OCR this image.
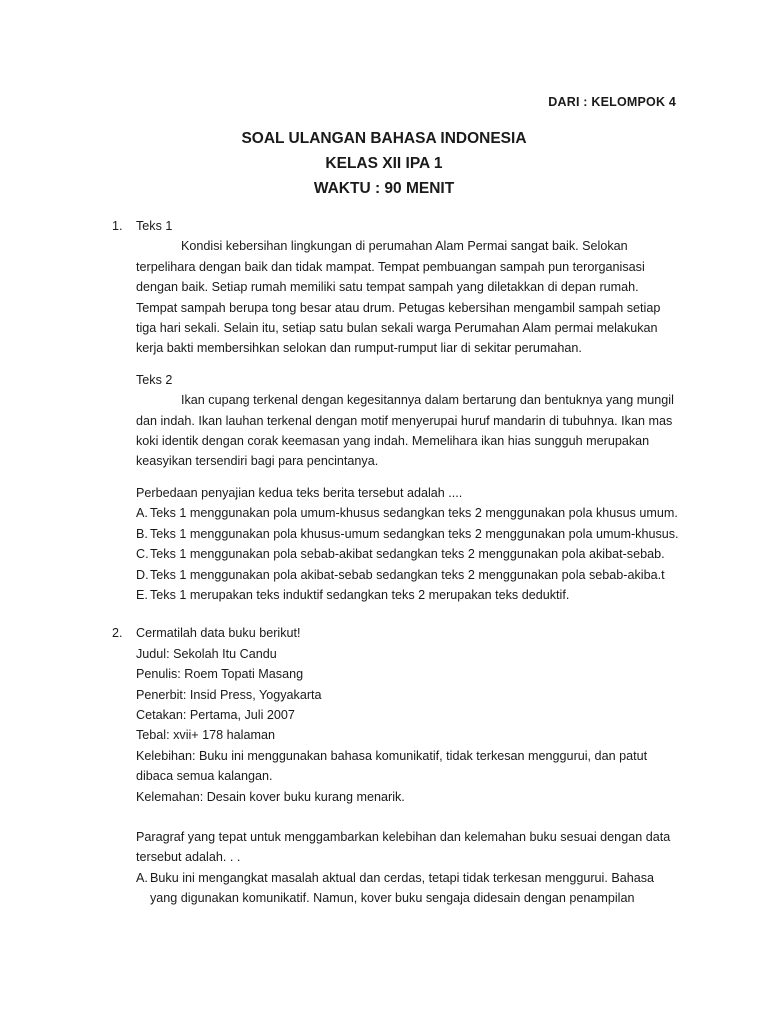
DARI : KELOMPOK 4
SOAL ULANGAN BAHASA INDONESIA
KELAS XII IPA 1
WAKTU : 90 MENIT
1. Teks 1

Kondisi kebersihan lingkungan di perumahan Alam Permai sangat baik. Selokan terpelihara dengan baik dan tidak mampat. Tempat pembuangan sampah pun terorganisasi dengan baik. Setiap rumah memiliki satu tempat sampah yang diletakkan di depan rumah. Tempat sampah berupa tong besar atau drum. Petugas kebersihan mengambil sampah setiap tiga hari sekali. Selain itu, setiap satu bulan sekali warga Perumahan Alam permai melakukan kerja bakti membersihkan selokan dan rumput-rumput liar di sekitar perumahan.

Teks 2

Ikan cupang terkenal dengan kegesitannya dalam bertarung dan bentuknya yang mungil dan indah. Ikan lauhan terkenal dengan motif menyerupai huruf mandarin di tubuhnya. Ikan mas koki identik dengan corak keemasan yang indah. Memelihara ikan hias sungguh merupakan keasyikan tersendiri bagi para pencintanya.

Perbedaan penyajian kedua teks berita tersebut adalah ....

A. Teks 1 menggunakan pola umum-khusus sedangkan teks 2 menggunakan pola khusus umum.
B. Teks 1 menggunakan pola khusus-umum sedangkan teks 2 menggunakan pola umum-khusus.
C. Teks 1 menggunakan pola sebab-akibat sedangkan teks 2 menggunakan pola akibat-sebab.
D. Teks 1 menggunakan pola akibat-sebab sedangkan teks 2 menggunakan pola sebab-akiba.t
E. Teks 1 merupakan teks induktif sedangkan teks 2 merupakan teks deduktif.
2. Cermatilah data buku berikut!

Judul: Sekolah Itu Candu

Penulis: Roem Topati Masang

Penerbit: Insid Press, Yogyakarta

Cetakan: Pertama, Juli 2007

Tebal: xvii+ 178 halaman

Kelebihan: Buku ini menggunakan bahasa komunikatif, tidak terkesan menggurui, dan patut dibaca semua kalangan.

Kelemahan: Desain kover buku kurang menarik.

Paragraf yang tepat untuk menggambarkan kelebihan dan kelemahan buku sesuai dengan data tersebut adalah. . .

A. Buku ini mengangkat masalah aktual dan cerdas, tetapi tidak terkesan menggurui. Bahasa yang digunakan komunikatif. Namun, kover buku sengaja didesain dengan penampilan
